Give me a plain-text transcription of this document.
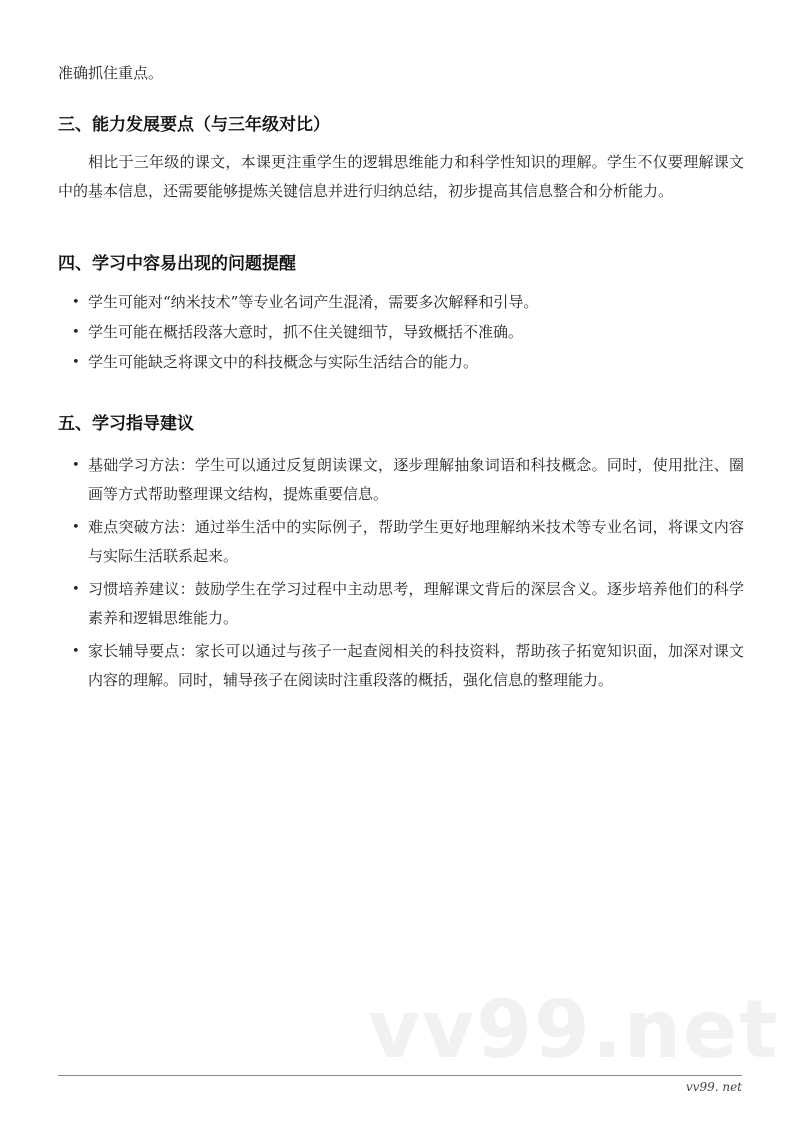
准确抓住重点。

三、能力发展要点（与三年级对比）

相比于三年级的课文，本课更注重学生的逻辑思维能力和科学性知识的理解。学生不仅要理解课文中的基本信息，还需要能够提炼关键信息并进行归纳总结，初步提高其信息整合和分析能力。

四、学习中容易出现的问题提醒
• 学生可能对“纳米技术”等专业名词产生混淆，需要多次解释和引导。
• 学生可能在概括段落大意时，抓不住关键细节，导致概括不准确。
• 学生可能缺乏将课文中的科技概念与实际生活结合的能力。
五、学习指导建议
• 基础学习方法：学生可以通过反复朗读课文，逐步理解抽象词语和科技概念。同时，使用批注、圈画等方式帮助整理课文结构，提炼重要信息。
• 难点突破方法：通过举生活中的实际例子，帮助学生更好地理解纳米技术等专业名词，将课文内容与实际生活联系起来。
• 习惯培养建议：鼓励学生在学习过程中主动思考，理解课文背后的深层含义。逐步培养他们的科学素养和逻辑思维能力。
• 家长辅导要点：家长可以通过与孩子一起查阅相关的科技资料，帮助孩子拓宽知识面，加深对课文内容的理解。同时，辅导孩子在阅读时注重段落的概括，强化信息的整理能力。
vv99.net
vv99. net
